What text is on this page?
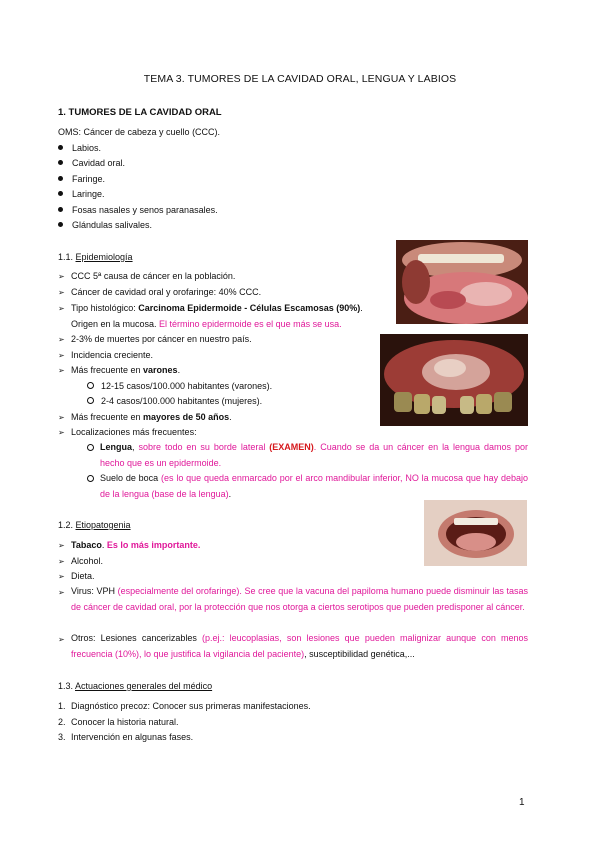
TEMA 3. TUMORES DE LA CAVIDAD ORAL, LENGUA Y LABIOS
1. TUMORES DE LA CAVIDAD ORAL
OMS: Cáncer de cabeza y cuello (CCC).
Labios.
Cavidad oral.
Faringe.
Laringe.
Fosas nasales y senos paranasales.
Glándulas salivales.
1.1. Epidemiología
➢ CCC 5ª causa de cáncer en la población.
➢ Cáncer de cavidad oral y orofaringe: 40% CCC.
➢ Tipo histológico: Carcinoma Epidermoide - Células Escamosas (90%).
Origen en la mucosa. El término epidermoide es el que más se usa.
➢ 2-3% de muertes por cáncer en nuestro país.
➢ Incidencia creciente.
➢ Más frecuente en varones.
12-15 casos/100.000 habitantes (varones).
2-4 casos/100.000 habitantes (mujeres).
➢ Más frecuente en mayores de 50 años.
➢ Localizaciones más frecuentes:
Lengua, sobre todo en su borde lateral (EXAMEN). Cuando se da un cáncer en la lengua damos por hecho que es un epidermoide.
Suelo de boca (es lo que queda enmarcado por el arco mandibular inferior, NO la mucosa que hay debajo de la lengua (base de la lengua).
1.2. Etiopatogenia
➢ Tabaco. Es lo más importante.
➢ Alcohol.
➢ Dieta.
➢ Virus: VPH (especialmente del orofaringe). Se cree que la vacuna del papiloma humano puede disminuir las tasas de cáncer de cavidad oral, por la protección que nos otorga a ciertos serotipos que pueden predisponer al cáncer.
➢ Otros: Lesiones cancerizables (p.ej.: leucoplasias, son lesiones que pueden malignizar aunque con menos frecuencia (10%), lo que justifica la vigilancia del paciente), susceptibilidad genética,...
1.3. Actuaciones generales del médico
1. Diagnóstico precoz: Conocer sus primeras manifestaciones.
2. Conocer la historia natural.
3. Intervención en algunas fases.
1
